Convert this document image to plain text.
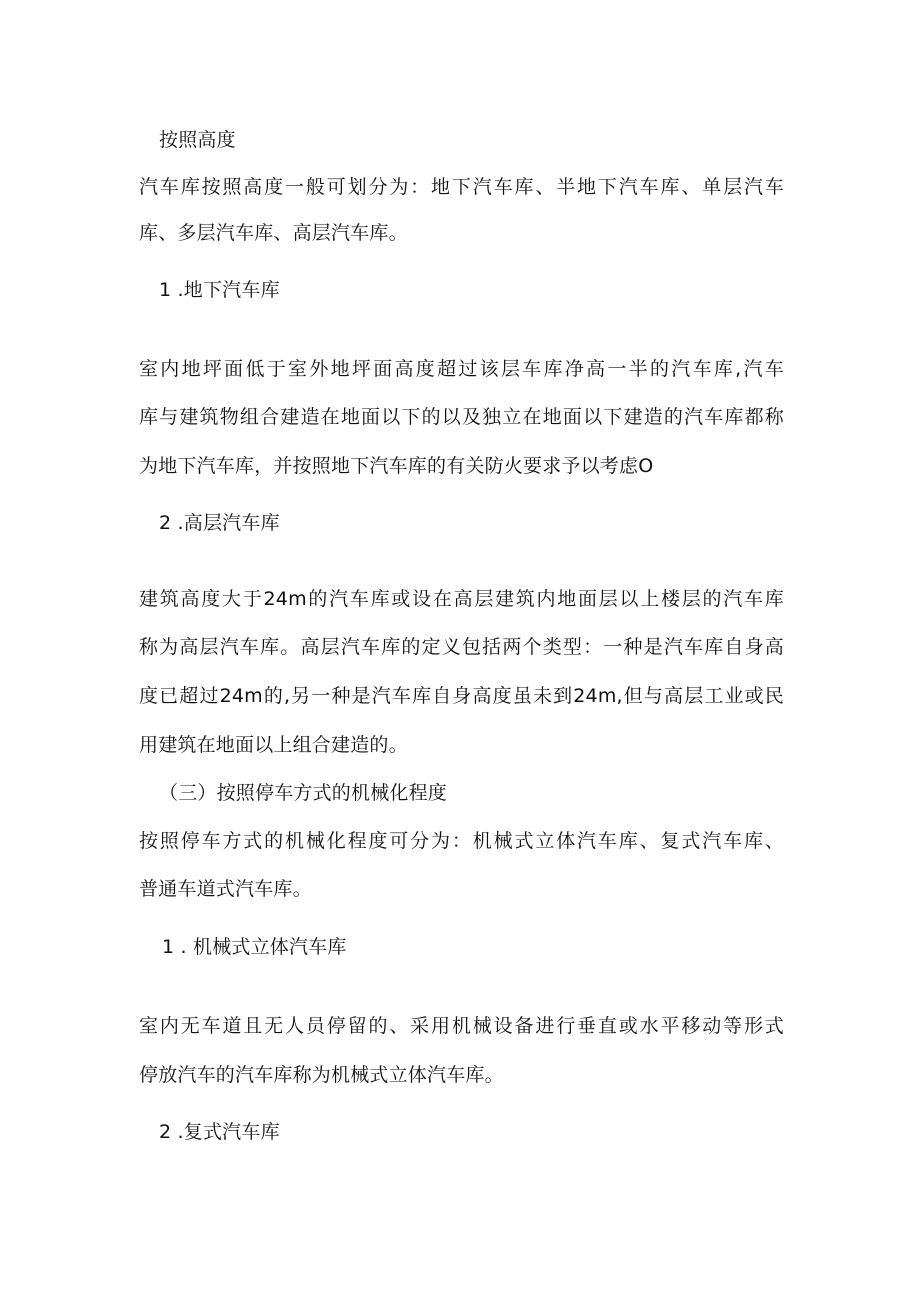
按照高度
汽车库按照高度一般可划分为：地下汽车库、半地下汽车库、单层汽车
库、多层汽车库、高层汽车库。
1 .地下汽车库
室内地坪面低于室外地坪面高度超过该层车库净高一半的汽车库,汽车
库与建筑物组合建造在地面以下的以及独立在地面以下建造的汽车库都称
为地下汽车库，并按照地下汽车库的有关防火要求予以考虑O
2 .高层汽车库
建筑高度大于24m的汽车库或设在高层建筑内地面层以上楼层的汽车库
称为高层汽车库。高层汽车库的定义包括两个类型：一种是汽车库自身高
度已超过24m的,另一种是汽车库自身高度虽未到24m,但与高层工业或民
用建筑在地面以上组合建造的。
（三）按照停车方式的机械化程度
按照停车方式的机械化程度可分为：机械式立体汽车库、复式汽车库、
普通车道式汽车库。
1 . 机械式立体汽车库
室内无车道且无人员停留的、采用机械设备进行垂直或水平移动等形式
停放汽车的汽车库称为机械式立体汽车库。
2 .复式汽车库
